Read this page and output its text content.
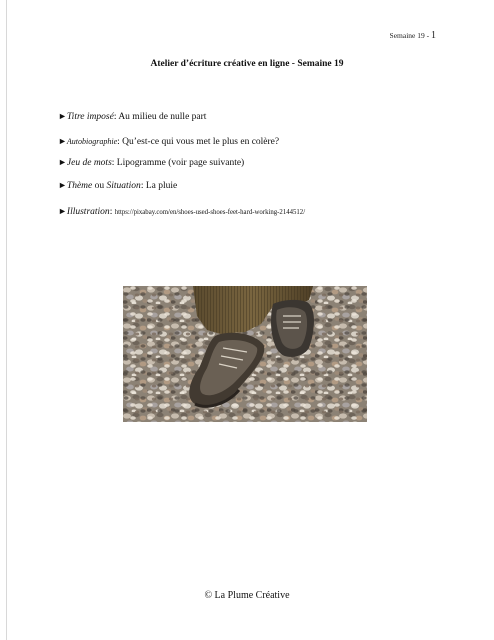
Semaine 19 - 1
Atelier d’écriture créative en ligne - Semaine 19
►Titre imposé: Au milieu de nulle part
►Autobiographie: Qu’est-ce qui vous met le plus en colère?
►Jeu de mots: Lipogramme (voir page suivante)
►Thème ou Situation: La pluie
►Illustration: https://pixabay.com/en/shoes-used-shoes-feet-hard-working-2144512/
© La Plume Créative
